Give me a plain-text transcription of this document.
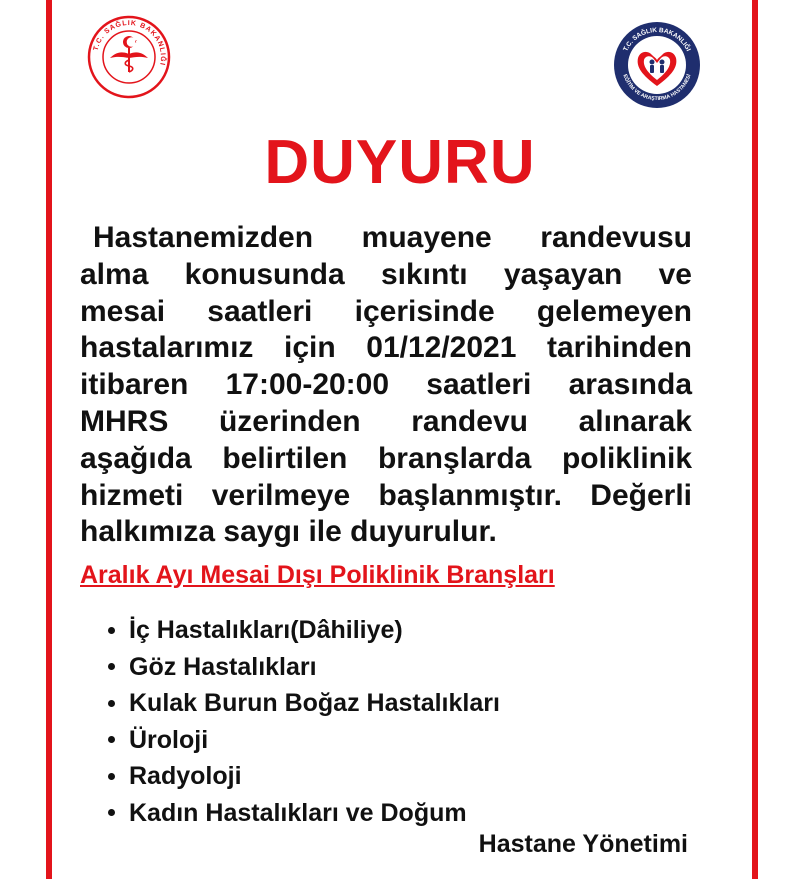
T.C. SAĞLIK BAKANLIĞI
T.C. SAĞLIK BAKANLIĞI
EĞİTİM VE ARAŞTIRMA HASTANESİ
DUYURU
Hastanemizden muayene randevusu
alma konusunda sıkıntı yaşayan ve
mesai saatleri içerisinde gelemeyen
hastalarımız için 01/12/2021 tarihinden
itibaren 17:00-20:00 saatleri arasında
MHRS üzerinden randevu alınarak
aşağıda belirtilen branşlarda poliklinik
hizmeti verilmeye başlanmıştır. Değerli
halkımıza saygı ile duyurulur.
Aralık Ayı Mesai Dışı Poliklinik Branşları
İç Hastalıkları(Dâhiliye)
Göz Hastalıkları
Kulak Burun Boğaz Hastalıkları
Üroloji
Radyoloji
Kadın Hastalıkları ve Doğum
Hastane Yönetimi
